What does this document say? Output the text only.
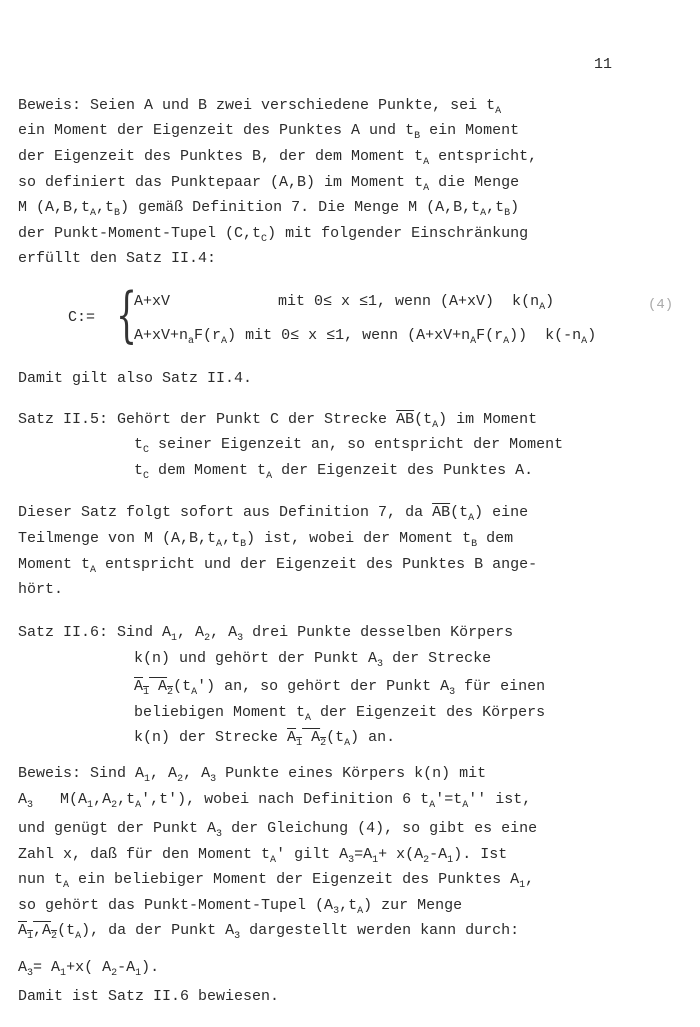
11
Beweis: Seien A und B zwei verschiedene Punkte, sei $t_A$
ein Moment der Eigenzeit des Punktes A und $t_B$ ein Moment
der Eigenzeit des Punktes B, der dem Moment $t_A$ entspricht,
so definiert das Punktepaar (A,B) im Moment $t_A$ die Menge
M $(A,B,t_A,t_B)$ gemäß Definition 7. Die Menge M $(A,B,t_A,t_B)$
der Punkt-Moment-Tupel $(C,t_C)$ mit folgender Einschränkung
erfüllt den Satz II.4:
C:= {
A+xV            mit 0≤ x ≤1, wenn (A+xV)  $k(n_A)$
$A+xV+n_aF(r_A)$ mit 0≤ x ≤1, wenn $(A+xV+n_AF(r_A))$  $k(-n_A)$
(4)
Damit gilt also Satz II.4.
Satz II.5: Gehört der Punkt C der Strecke $\overline{AB}(t_A)$ im Moment
$t_C$ seiner Eigenzeit an, so entspricht der Moment
$t_C$ dem Moment $t_A$ der Eigenzeit des Punktes A.
Dieser Satz folgt sofort aus Definition 7, da $\overline{AB}(t_A)$ eine
Teilmenge von M $(A,B,t_A,t_B)$ ist, wobei der Moment $t_B$ dem
Moment $t_A$ entspricht und der Eigenzeit des Punktes B ange-
hört.
Satz II.6: Sind $A_1$, $A_2$, $A_3$ drei Punkte desselben Körpers
k(n) und gehört der Punkt $A_3$ der Strecke
$A_1$ $A_2(t_A')$ an, so gehört der Punkt $A_3$ für einen
beliebigen Moment $t_A$ der Eigenzeit des Körpers
k(n) der Strecke $A_1$ $A_2(t_A)$ an.
Beweis: Sind $A_1$, $A_2$, $A_3$ Punkte eines Körpers k(n) mit
$A_3$   $M(A_1,A_2,t_A',t')$, wobei nach Definition 6 $t_A'=t_A''$ ist,
und genügt der Punkt $A_3$ der Gleichung (4), so gibt es eine
Zahl x, daß für den Moment $t_A'$ gilt $A_3=A_1+ x(A_2-A_1)$. Ist
nun $t_A$ ein beliebiger Moment der Eigenzeit des Punktes $A_1$,
so gehört das Punkt-Moment-Tupel $(A_3,t_A)$ zur Menge
$A_1,A_2(t_A)$, da der Punkt $A_3$ dargestellt werden kann durch:
$A_3= A_1+x$( $A_2-A_1$).
Damit ist Satz II.6 bewiesen.
